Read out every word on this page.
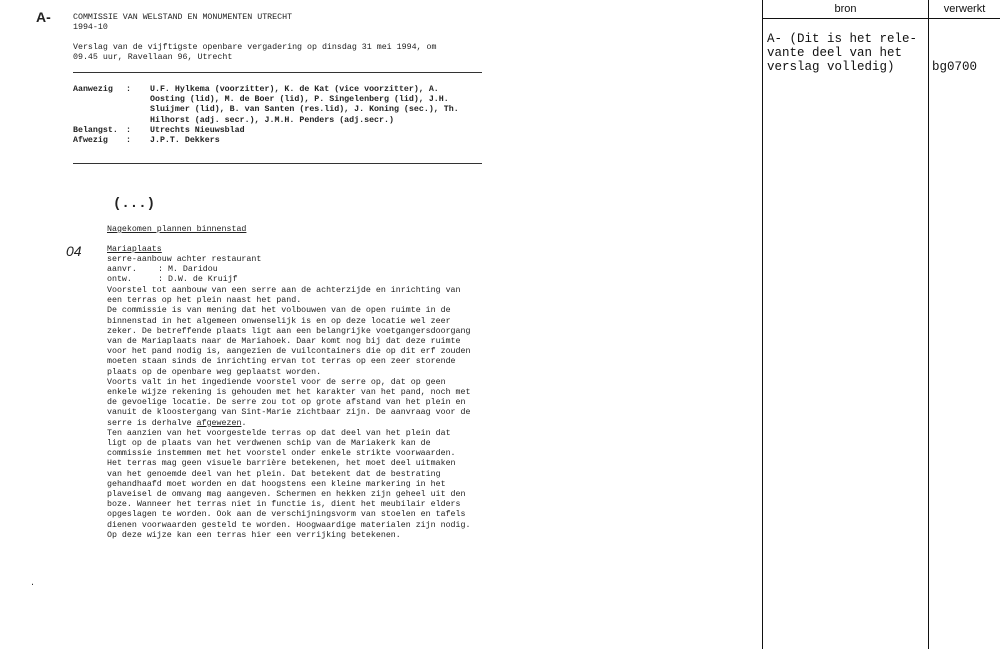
A-	COMMISSIE VAN WELSTAND EN MONUMENTEN UTRECHT
1994-10
Verslag van de vijftigste openbare vergadering op dinsdag 31 mei 1994, om
09.45 uur, Ravellaan 96, Utrecht
Aanwezig : U.F. Hylkema (voorzitter), K. de Kat (vice voorzitter), A.
Oosting (lid), M. de Boer (lid), P. Singelenberg (lid), J.H.
Sluijmer (lid), B. van Santen (res.lid), J. Koning (sec.), Th.
Hilhorst (adj. secr.), J.M.H. Penders (adj.secr.)
Belangst. : Utrechts Nieuwsblad
Afwezig : J.P.T. Dekkers
(...)
Nagekomen plannen binnenstad
04	Mariaplaats
serre-aanbouw achter restaurant
aanvr.	: M. Daridou
ontw.	: D.W. de Kruijf
Voorstel tot aanbouw van een serre aan de achterzijde en inrichting van
een terras op het plein naast het pand.
De commissie is van mening dat het volbouwen van de open ruimte in de
binnenstad in het algemeen onwenselijk is en op deze locatie wel zeer
zeker. De betreffende plaats ligt aan een belangrijke voetgangersdoorgang
van de Mariaplaats naar de Mariahoek. Daar komt nog bij dat deze ruimte
voor het pand nodig is, aangezien de vuilcontainers die op dit erf zouden
moeten staan sinds de inrichting ervan tot terras op een zeer storende
plaats op de openbare weg geplaatst worden.
Voorts valt in het ingediende voorstel voor de serre op, dat op geen
enkele wijze rekening is gehouden met het karakter van het pand, noch met
de gevoelige locatie. De serre zou tot op grote afstand van het plein en
vanuit de kloostergang van Sint-Marie zichtbaar zijn. De aanvraag voor de
serre is derhalve afgewezen.
Ten aanzien van het voorgestelde terras op dat deel van het plein dat
ligt op de plaats van het verdwenen schip van de Mariakerk kan de
commissie instemmen met het voorstel onder enkele strikte voorwaarden.
Het terras mag geen visuele barrière betekenen, het moet deel uitmaken
van het genoemde deel van het plein. Dat betekent dat de bestrating
gehandhaafd moet worden en dat hoogstens een kleine markering in het
plaveisel de omvang mag aangeven. Schermen en hekken zijn geheel uit den
boze. Wanneer het terras niet in functie is, dient het meubilair elders
opgeslagen te worden. Ook aan de verschijningsvorm van stoelen en tafels
dienen voorwaarden gesteld te worden. Hoogwaardige materialen zijn nodig.
Op deze wijze kan een terras hier een verrijking betekenen.
.
bron	verwerkt
A- (Dit is het rele-
vante deel van het
verslag volledig)	bg0700
